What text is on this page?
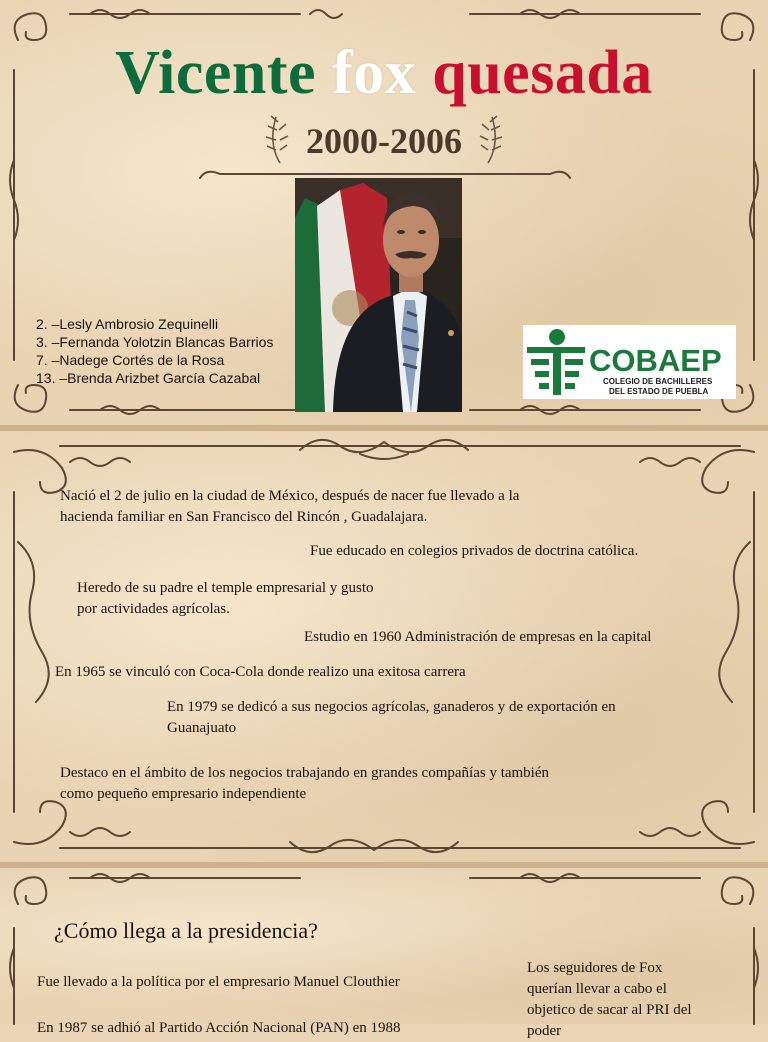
Vicente fox quesada
2000-2006
2. –Lesly Ambrosio Zequinelli
3. –Fernanda Yolotzin Blancas Barrios
7. –Nadege Cortés de la Rosa
13. –Brenda Arizbet García Cazabal	COBAEP
COLEGIO DE BACHILLERES
DEL ESTADO DE PUEBLA
Nació el 2 de julio en la ciudad de México, después de nacer fue llevado a la
hacienda familiar en San Francisco del Rincón , Guadalajara.
Fue educado en colegios privados de doctrina católica.
Heredo de su padre el temple empresarial y gusto
por actividades agrícolas.
Estudio en 1960 Administración de empresas en la capital
En 1965 se vinculó con Coca-Cola donde realizo una exitosa carrera
En 1979 se dedicó a sus negocios agrícolas, ganaderos y de exportación en
Guanajuato
Destaco en el ámbito de los negocios trabajando en grandes compañías y también
como pequeño empresario independiente
¿Cómo llega a la presidencia?
Fue llevado a la política por el empresario Manuel Clouthier
En 1987 se adhió al Partido Acción Nacional (PAN) en 1988
Los seguidores de Fox
querían llevar a cabo el
objetico de sacar al PRI del
poder
